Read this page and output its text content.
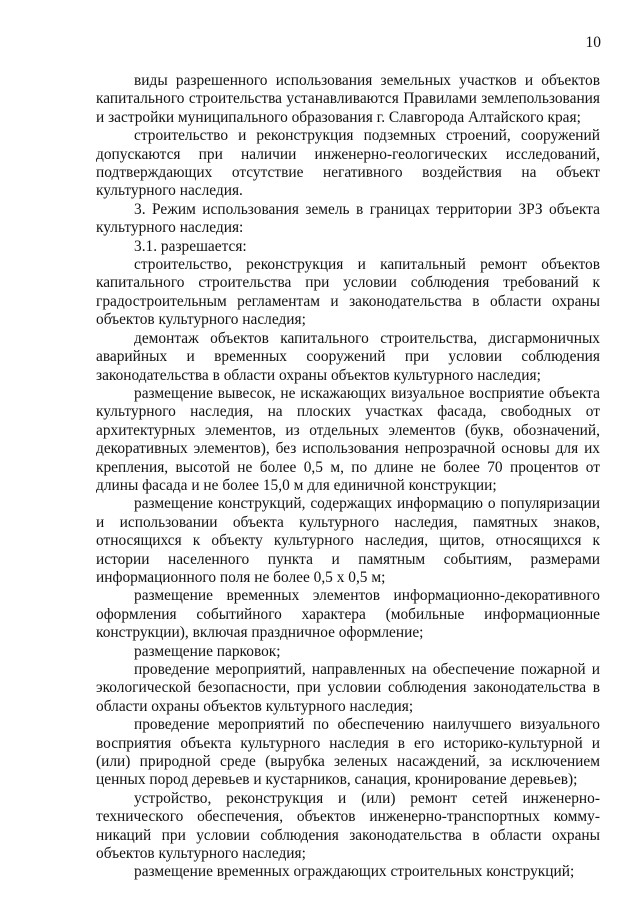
10

виды разрешенного использования земельных участков и объектов капитального строительства устанавливаются Правилами землепользования и застройки муниципального образования г. Славгорода Алтайского края;

строительство и реконструкция подземных строений, сооружений допускаются при наличии инженерно-геологических исследований, подтверждающих отсутствие негативного воздействия на объект культурного наследия.

3. Режим использования земель в границах территории ЗРЗ объекта культурного наследия:

3.1. разрешается:

строительство, реконструкция и капитальный ремонт объектов капитального строительства при условии соблюдения требований к градостроительным регламентам и законодательства в области охраны объектов культурного наследия;

демонтаж объектов капитального строительства, дисгармоничных аварийных и временных сооружений при условии соблюдения законодательства в области охраны объектов культурного наследия;

размещение вывесок, не искажающих визуальное восприятие объекта культурного наследия, на плоских участках фасада, свободных от архитектурных элементов, из отдельных элементов (букв, обозначений, декоративных элементов), без использования непрозрачной основы для их крепления, высотой не более 0,5 м, по длине не более 70 процентов от длины фасада и не более 15,0 м для единичной конструкции;

размещение конструкций, содержащих информацию о популяризации и использовании объекта культурного наследия, памятных знаков, относящихся к объекту культурного наследия, щитов, относящихся к истории населенного пункта и памятным событиям, размерами информационного поля не более 0,5 х 0,5 м;

размещение временных элементов информационно-декоративного оформления событийного характера (мобильные информационные конструкции), включая праздничное оформление;

размещение парковок;

проведение мероприятий, направленных на обеспечение пожарной и экологической безопасности, при условии соблюдения законодательства в области охраны объектов культурного наследия;

проведение мероприятий по обеспечению наилучшего визуального восприятия объекта культурного наследия в его историко-культурной и (или) природной среде (вырубка зеленых насаждений, за исключением ценных пород деревьев и кустарников, санация, кронирование деревьев);

устройство, реконструкция и (или) ремонт сетей инженерно-технического обеспечения, объектов инженерно-транспортных коммуникаций при условии соблюдения законодательства в области охраны объектов культурного наследия;

размещение временных ограждающих строительных конструкций;
